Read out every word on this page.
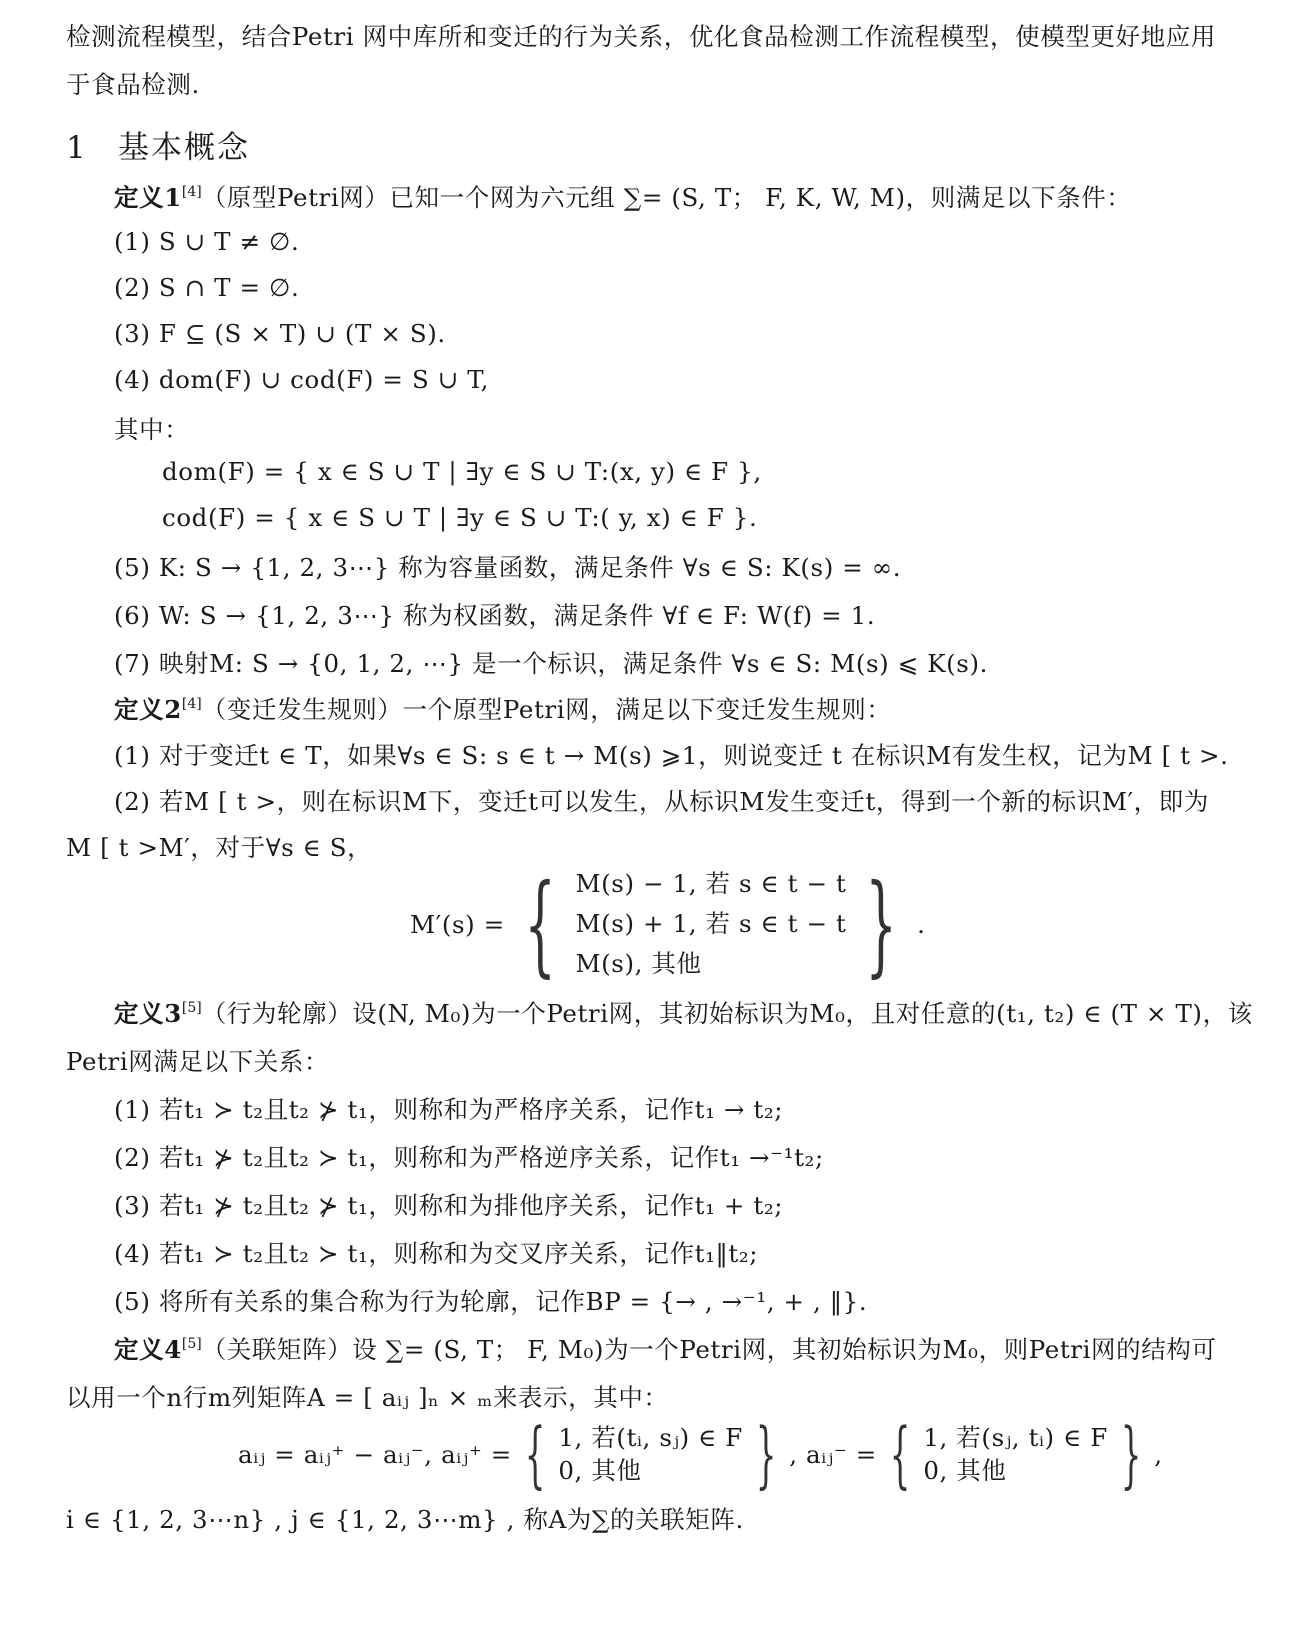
检测流程模型，结合Petri 网中库所和变迁的行为关系，优化食品检测工作流程模型，使模型更好地应用
于食品检测.
1 基本概念
定义1[4]（原型Petri网）已知一个网为六元组 ∑= (S, T； F, K, W, M)，则满足以下条件：
(1) S ∪ T ≠ ∅.
(2) S ∩ T = ∅.
(3) F ⊆ (S × T) ∪ (T × S).
(4) dom(F) ∪ cod(F) = S ∪ T,
其中：
dom(F) = { x ∈ S ∪ T | ∃y ∈ S ∪ T:(x, y) ∈ F },
cod(F) = { x ∈ S ∪ T | ∃y ∈ S ∪ T:( y, x) ∈ F }.
(5) K: S → {1, 2, 3⋯} 称为容量函数，满足条件 ∀s ∈ S: K(s) = ∞.
(6) W: S → {1, 2, 3⋯} 称为权函数，满足条件 ∀f ∈ F: W(f) = 1.
(7) 映射M: S → {0, 1, 2, ⋯} 是一个标识，满足条件 ∀s ∈ S: M(s) ⩽ K(s).
定义2[4]（变迁发生规则）一个原型Petri网，满足以下变迁发生规则：
(1) 对于变迁t ∈ T，如果∀s ∈ S: s ∈ t → M(s) ⩾1，则说变迁 t 在标识M有发生权，记为M [ t >.
(2) 若M [ t >，则在标识M下，变迁t可以发生，从标识M发生变迁t，得到一个新的标识M′，即为
M [ t >M′，对于∀s ∈ S，
M′(s) = { M(s) − 1, 若 s ∈ t − t
M(s) + 1, 若 s ∈ t − t
M(s), 其他	} .
定义3[5]（行为轮廓）设(N, M₀)为一个Petri网，其初始标识为M₀，且对任意的(t₁, t₂) ∈ (T × T)，该
Petri网满足以下关系：
(1) 若t₁ ≻ t₂且t₂ ⊁ t₁，则称和为严格序关系，记作t₁ → t₂;
(2) 若t₁ ⊁ t₂且t₂ ≻ t₁，则称和为严格逆序关系，记作t₁ →⁻¹t₂;
(3) 若t₁ ⊁ t₂且t₂ ⊁ t₁，则称和为排他序关系，记作t₁ + t₂;
(4) 若t₁ ≻ t₂且t₂ ≻ t₁，则称和为交叉序关系，记作t₁‖t₂;
(5) 将所有关系的集合称为行为轮廓，记作BP = {→ , →⁻¹, + , ‖}.
定义4[5]（关联矩阵）设 ∑= (S, T； F, M₀)为一个Petri网，其初始标识为M₀，则Petri网的结构可
以用一个n行m列矩阵A = [ aᵢⱼ ]ₙ × ₘ来表示，其中：
aᵢⱼ = aᵢⱼ⁺ − aᵢⱼ⁻, aᵢⱼ⁺ = { 1, 若(tᵢ, sⱼ) ∈ F
0, 其他	} , aᵢⱼ⁻ = { 1, 若(sⱼ, tᵢ) ∈ F
0, 其他	} ,
i ∈ {1, 2, 3⋯n} , j ∈ {1, 2, 3⋯m} , 称A为∑的关联矩阵.
